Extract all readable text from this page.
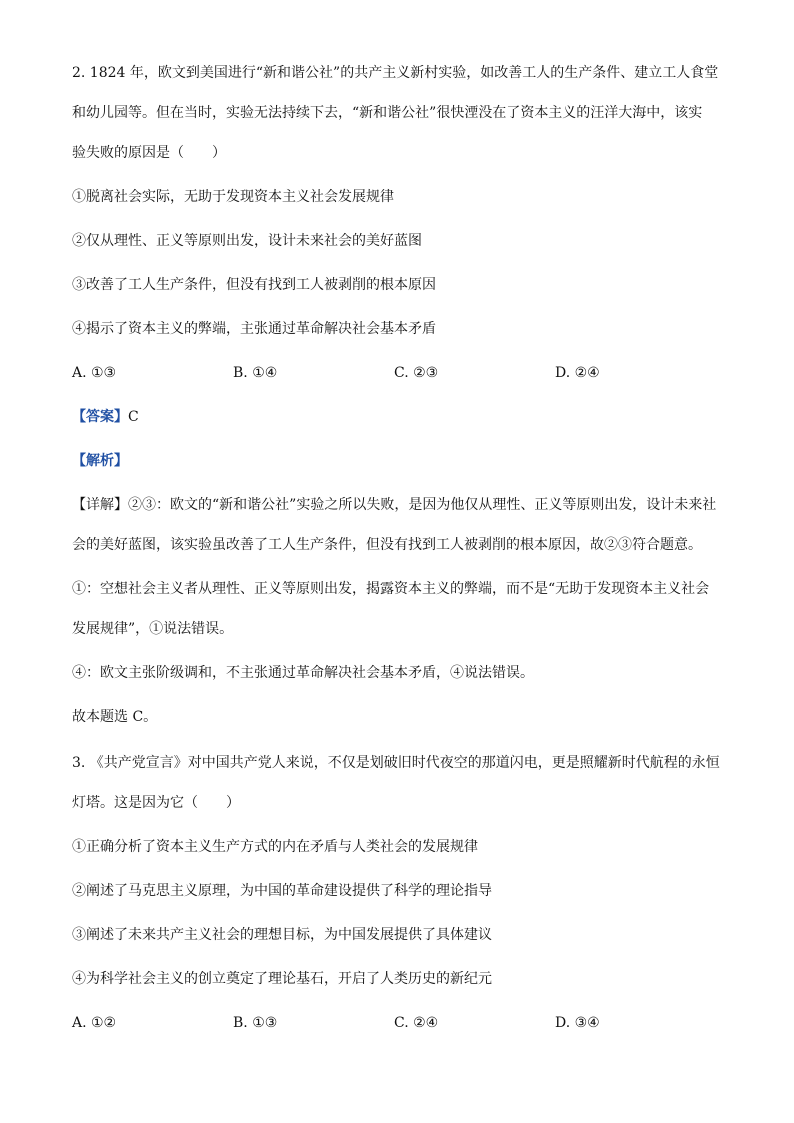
2. 1824 年，欧文到美国进行“新和谐公社”的共产主义新村实验，如改善工人的生产条件、建立工人食堂

和幼儿园等。但在当时，实验无法持续下去，“新和谐公社”很快湮没在了资本主义的汪洋大海中，该实

验失败的原因是（　　）

①脱离社会实际，无助于发现资本主义社会发展规律

②仅从理性、正义等原则出发，设计未来社会的美好蓝图

③改善了工人生产条件，但没有找到工人被剥削的根本原因

④揭示了资本主义的弊端，主张通过革命解决社会基本矛盾

A. ①③	B. ①④	C. ②③	D. ②④

【答案】C

【解析】

【详解】②③：欧文的“新和谐公社”实验之所以失败，是因为他仅从理性、正义等原则出发，设计未来社

会的美好蓝图，该实验虽改善了工人生产条件，但没有找到工人被剥削的根本原因，故②③符合题意。

①：空想社会主义者从理性、正义等原则出发，揭露资本主义的弊端，而不是“无助于发现资本主义社会

发展规律”，①说法错误。

④：欧文主张阶级调和，不主张通过革命解决社会基本矛盾，④说法错误。

故本题选 C。

3. 《共产党宣言》对中国共产党人来说，不仅是划破旧时代夜空的那道闪电，更是照耀新时代航程的永恒

灯塔。这是因为它（　　）

①正确分析了资本主义生产方式的内在矛盾与人类社会的发展规律

②阐述了马克思主义原理，为中国的革命建设提供了科学的理论指导

③阐述了未来共产主义社会的理想目标，为中国发展提供了具体建议

④为科学社会主义的创立奠定了理论基石，开启了人类历史的新纪元

A. ①②	B. ①③	C. ②④	D. ③④
